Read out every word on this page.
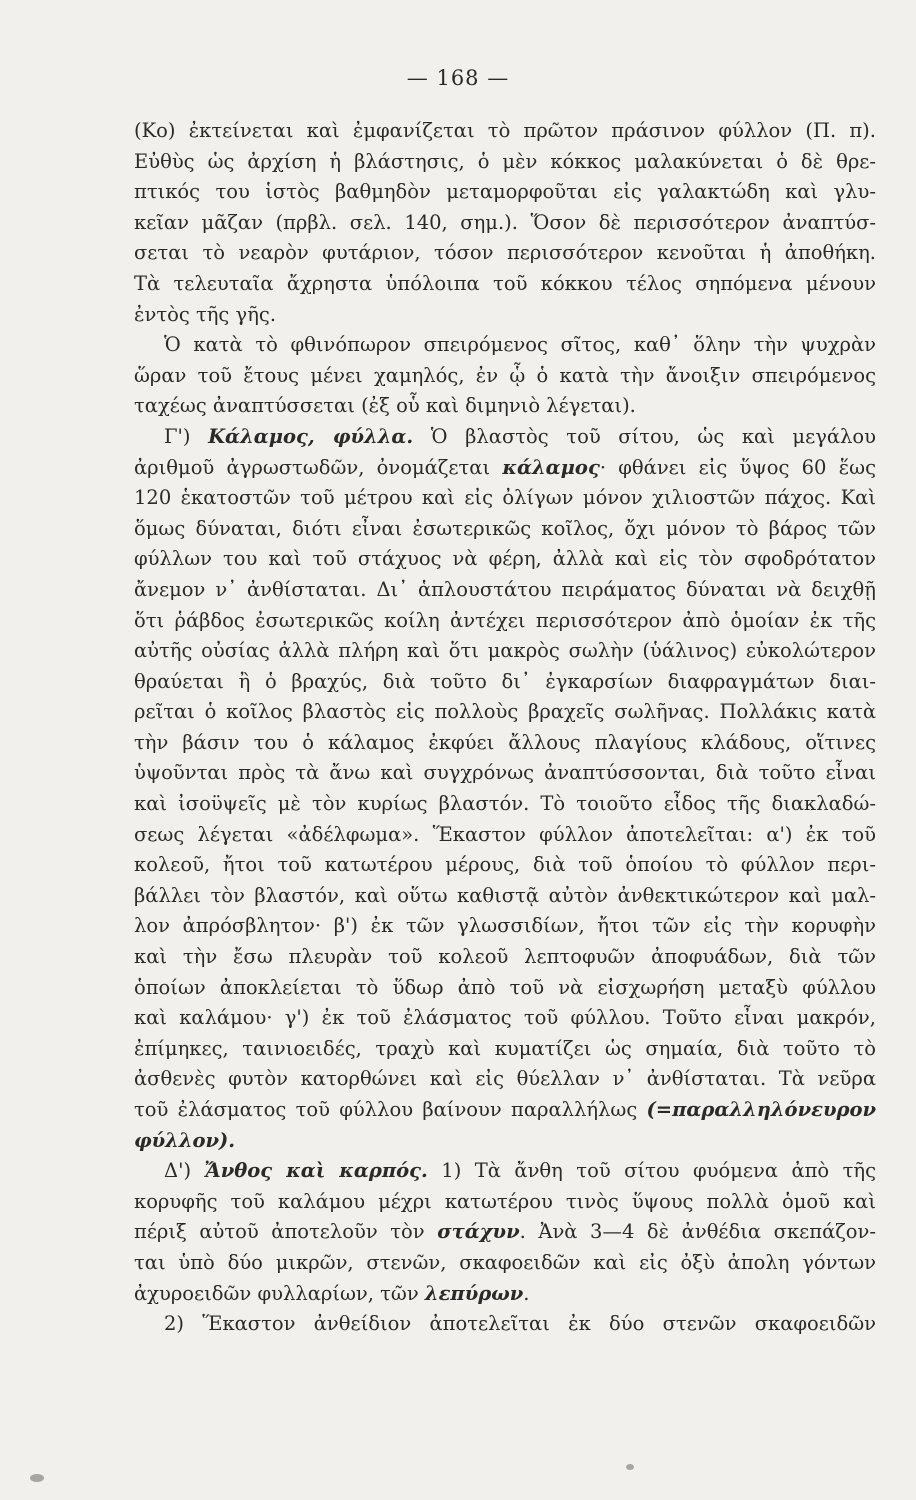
— 168 —
(Κο) ἐκτείνεται καὶ ἐμφανίζεται τὸ πρῶτον πράσινον φύλλον (Π. π).
Εὐθὺς ὡς ἀρχίση ἡ βλάστησις, ὁ μὲν κόκκος μαλακύνεται ὁ δὲ θρε-
πτικός του ἱστὸς βαθμηδὸν μεταμορφοῦται εἰς γαλακτώδη καὶ γλυ-
κεῖαν μᾶζαν (πρβλ. σελ. 140, σημ.). Ὅσον δὲ περισσότερον ἀναπτύσ-
σεται τὸ νεαρὸν φυτάριον, τόσον περισσότερον κενοῦται ἡ ἀποθήκη.
Τὰ τελευταῖα ἄχρηστα ὑπόλοιπα τοῦ κόκκου τέλος σηπόμενα μένουν
ἐντὸς τῆς γῆς.
Ὁ κατὰ τὸ φθινόπωρον σπειρόμενος σῖτος, καθ᾽ ὅλην τὴν ψυχρὰν
ὥραν τοῦ ἔτους μένει χαμηλός, ἐν ᾧ ὁ κατὰ τὴν ἄνοιξιν σπειρόμενος
ταχέως ἀναπτύσσεται (ἐξ οὗ καὶ διμηνιὸ λέγεται).
Γ') Κάλαμος, φύλλα. Ὁ βλαστὸς τοῦ σίτου, ὡς καὶ μεγάλου
ἀριθμοῦ ἀγρωστωδῶν, ὀνομάζεται κάλαμος· φθάνει εἰς ὕψος 60 ἕως
120 ἑκατοστῶν τοῦ μέτρου καὶ εἰς ὀλίγων μόνον χιλιοστῶν πάχος. Καὶ
ὅμως δύναται, διότι εἶναι ἐσωτερικῶς κοῖλος, ὄχι μόνον τὸ βάρος τῶν
φύλλων του καὶ τοῦ στάχυος νὰ φέρη, ἀλλὰ καὶ εἰς τὸν σφοδρότατον
ἄνεμον ν᾽ ἀνθίσταται. Δι᾽ ἁπλουστάτου πειράματος δύναται νὰ δειχθῇ
ὅτι ῥάβδος ἐσωτερικῶς κοίλη ἀντέχει περισσότερον ἀπὸ ὁμοίαν ἐκ τῆς
αὐτῆς οὐσίας ἀλλὰ πλήρη καὶ ὅτι μακρὸς σωλὴν (ὑάλινος) εὐκολώτερον
θραύεται ἢ ὁ βραχύς, διὰ τοῦτο δι᾽ ἐγκαρσίων διαφραγμάτων διαι-
ρεῖται ὁ κοῖλος βλαστὸς εἰς πολλοὺς βραχεῖς σωλῆνας. Πολλάκις κατὰ
τὴν βάσιν του ὁ κάλαμος ἐκφύει ἄλλους πλαγίους κλάδους, οἵτινες
ὑψοῦνται πρὸς τὰ ἄνω καὶ συγχρόνως ἀναπτύσσονται, διὰ τοῦτο εἶναι
καὶ ἰσοϋψεῖς μὲ τὸν κυρίως βλαστόν. Τὸ τοιοῦτο εἶδος τῆς διακλαδώ-
σεως λέγεται «ἀδέλφωμα». Ἕκαστον φύλλον ἀποτελεῖται: α') ἐκ τοῦ
κολεοῦ, ἤτοι τοῦ κατωτέρου μέρους, διὰ τοῦ ὁποίου τὸ φύλλον περι-
βάλλει τὸν βλαστόν, καὶ οὕτω καθιστᾷ αὐτὸν ἀνθεκτικώτερον καὶ μαλ-
λον ἀπρόσβλητον· β') ἐκ τῶν γλωσσιδίων, ἤτοι τῶν εἰς τὴν κορυφὴν
καὶ τὴν ἔσω πλευρὰν τοῦ κολεοῦ λεπτοφυῶν ἀποφυάδων, διὰ τῶν
ὁποίων ἀποκλείεται τὸ ὕδωρ ἀπὸ τοῦ νὰ εἰσχωρήση μεταξὺ φύλλου
καὶ καλάμου· γ') ἐκ τοῦ ἐλάσματος τοῦ φύλλου. Τοῦτο εἶναι μακρόν,
ἐπίμηκες, ταινιοειδές, τραχὺ καὶ κυματίζει ὡς σημαία, διὰ τοῦτο τὸ
ἀσθενὲς φυτὸν κατορθώνει καὶ εἰς θύελλαν ν᾽ ἀνθίσταται. Τὰ νεῦρα
τοῦ ἐλάσματος τοῦ φύλλου βαίνουν παραλλήλως (=παραλληλόνευρον
φύλλον).
Δ') Ἄνθος καὶ καρπός. 1) Τὰ ἄνθη τοῦ σίτου φυόμενα ἀπὸ τῆς
κορυφῆς τοῦ καλάμου μέχρι κατωτέρου τινὸς ὕψους πολλὰ ὁμοῦ καὶ
πέριξ αὐτοῦ ἀποτελοῦν τὸν στάχυν. Ἀνὰ 3—4 δὲ ἀνθέδια σκεπάζον-
ται ὑπὸ δύο μικρῶν, στενῶν, σκαφοειδῶν καὶ εἰς ὀξὺ ἀπολη γόντων
ἀχυροειδῶν φυλλαρίων, τῶν λεπύρων.
2) Ἕκαστον ἀνθείδιον ἀποτελεῖται ἐκ δύο στενῶν σκαφοειδῶν
